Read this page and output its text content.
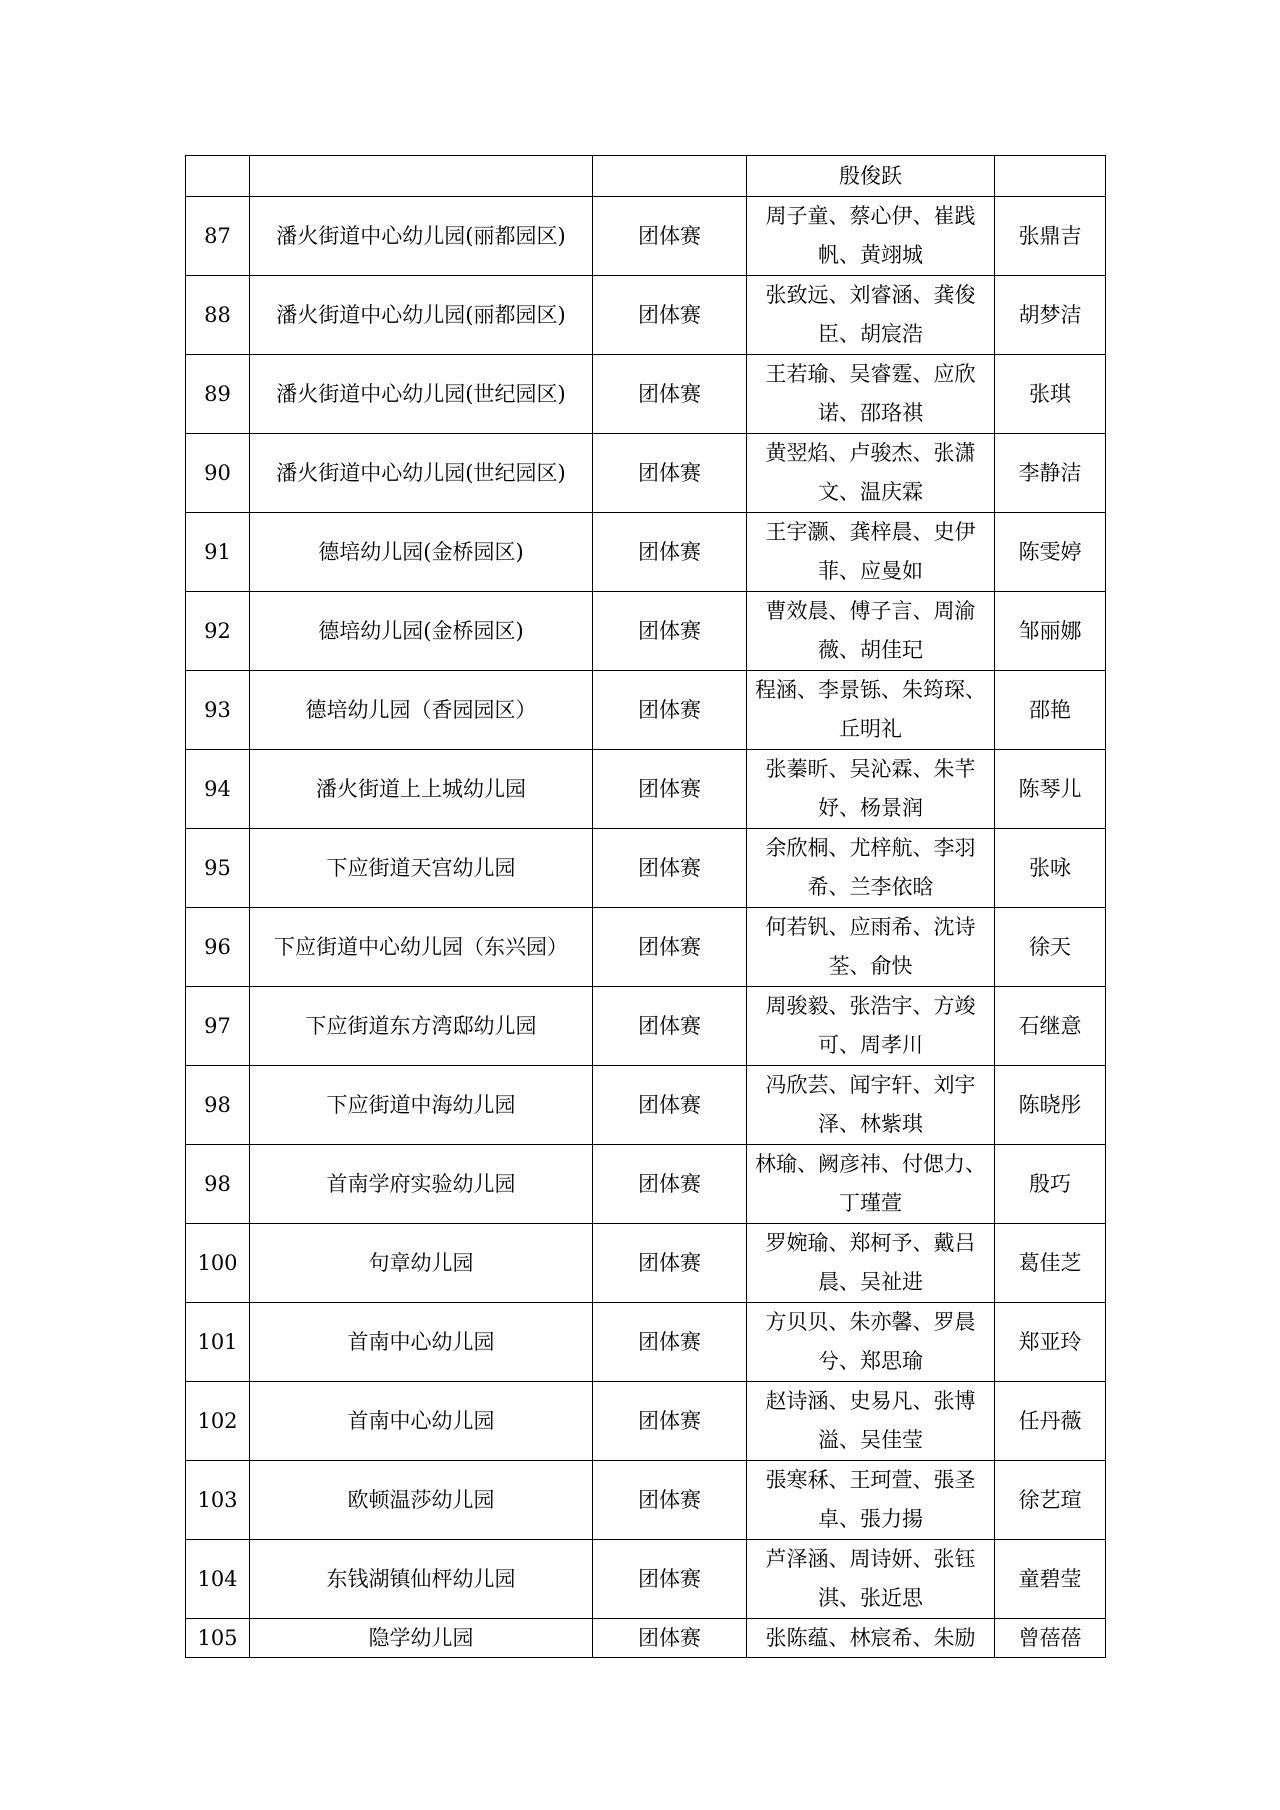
			殷俊跃	
87	潘火街道中心幼儿园(丽都园区)	团体赛	周子童、蔡心伊、崔践帆、黄翊城	张鼎吉
88	潘火街道中心幼儿园(丽都园区)	团体赛	张致远、刘睿涵、龚俊臣、胡宸浩	胡梦洁
89	潘火街道中心幼儿园(世纪园区)	团体赛	王若瑜、吴睿霆、应欣诺、邵珞祺	张琪
90	潘火街道中心幼儿园(世纪园区)	团体赛	黄翌焰、卢骏杰、张潇文、温庆霖	李静洁
91	德培幼儿园(金桥园区)	团体赛	王宇灏、龚梓晨、史伊菲、应曼如	陈雯婷
92	德培幼儿园(金桥园区)	团体赛	曹效晨、傅子言、周渝薇、胡佳玘	邹丽娜
93	德培幼儿园（香园园区）	团体赛	程涵、李景铄、朱筠琛、丘明礼	邵艳
94	潘火街道上上城幼儿园	团体赛	张蓁昕、吴沁霖、朱芊妤、杨景润	陈琴儿
95	下应街道天宫幼儿园	团体赛	余欣桐、尤梓航、李羽希、兰李依晗	张咏
96	下应街道中心幼儿园（东兴园）	团体赛	何若钒、应雨希、沈诗荃、俞快	徐天
97	下应街道东方湾邸幼儿园	团体赛	周骏毅、张浩宇、方竣可、周孝川	石继意
98	下应街道中海幼儿园	团体赛	冯欣芸、闻宇轩、刘宇泽、林紫琪	陈晓彤
98	首南学府实验幼儿园	团体赛	林瑜、阙彦祎、付偲力、丁瑾萱	殷巧
100	句章幼儿园	团体赛	罗婉瑜、郑柯予、戴吕晨、吴祉进	葛佳芝
101	首南中心幼儿园	团体赛	方贝贝、朱亦馨、罗晨兮、郑思瑜	郑亚玲
102	首南中心幼儿园	团体赛	赵诗涵、史易凡、张博溢、吴佳莹	任丹薇
103	欧顿温莎幼儿园	团体赛	張寒秝、王珂萱、張圣卓、張力揚	徐艺瑄
104	东钱湖镇仙枰幼儿园	团体赛	芦泽涵、周诗妍、张钰淇、张近思	童碧莹
105	隐学幼儿园	团体赛	张陈蕴、林宸希、朱励	曾蓓蓓
